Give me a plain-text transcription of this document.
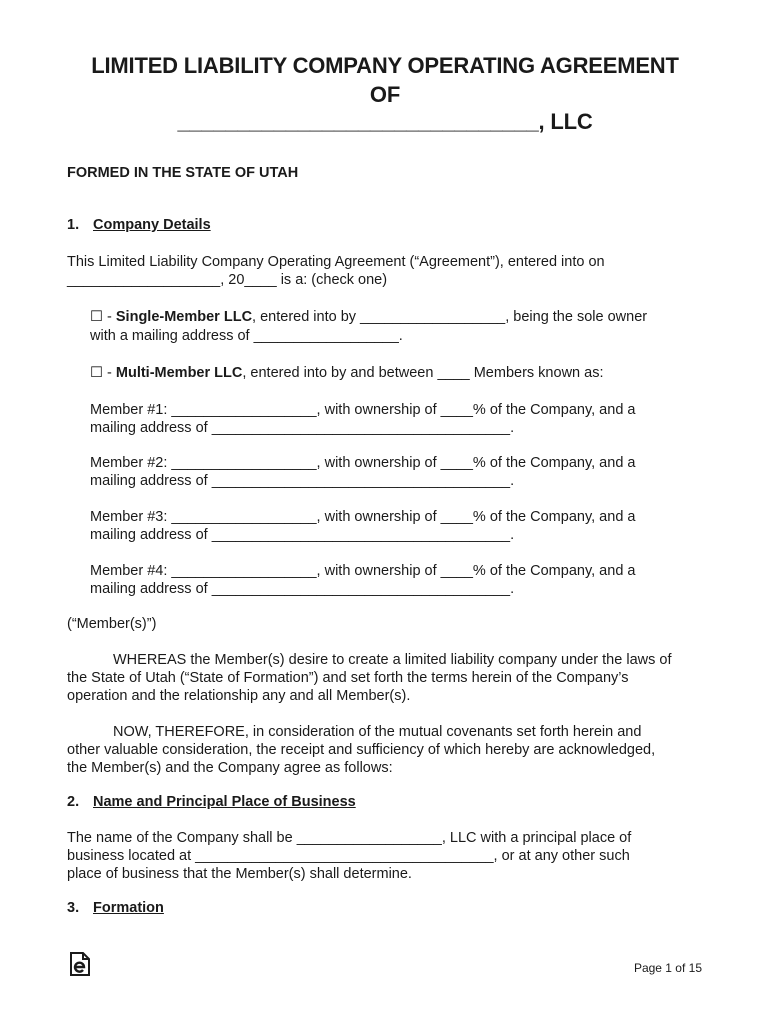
LIMITED LIABILITY COMPANY OPERATING AGREEMENT
OF
______________________________, LLC
FORMED IN THE STATE OF UTAH
1. Company Details
This Limited Liability Company Operating Agreement (“Agreement”), entered into on
___________________, 20____ is a: (check one)
☐ - Single-Member LLC, entered into by __________________, being the sole owner
with a mailing address of __________________.
☐ - Multi-Member LLC, entered into by and between ____ Members known as:
Member #1: __________________, with ownership of ____% of the Company, and a
mailing address of _____________________________________.
Member #2: __________________, with ownership of ____% of the Company, and a
mailing address of _____________________________________.
Member #3: __________________, with ownership of ____% of the Company, and a
mailing address of _____________________________________.
Member #4: __________________, with ownership of ____% of the Company, and a
mailing address of _____________________________________.
(“Member(s)”)
WHEREAS the Member(s) desire to create a limited liability company under the laws of
the State of Utah (“State of Formation”) and set forth the terms herein of the Company’s
operation and the relationship any and all Member(s).
NOW, THEREFORE, in consideration of the mutual covenants set forth herein and
other valuable consideration, the receipt and sufficiency of which hereby are acknowledged,
the Member(s) and the Company agree as follows:
2. Name and Principal Place of Business
The name of the Company shall be __________________, LLC with a principal place of
business located at _____________________________________, or at any other such
place of business that the Member(s) shall determine.
3. Formation
Page 1 of 15
